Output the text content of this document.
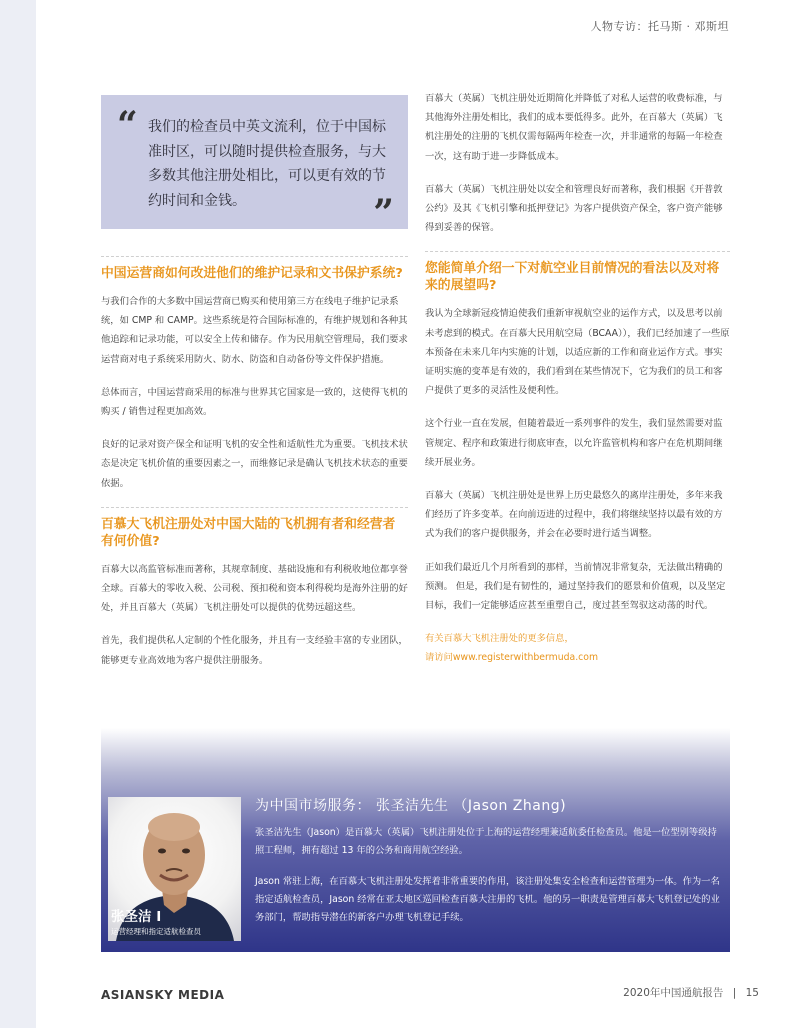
人物专访：托马斯 · 邓斯坦
“ 我们的检查员中英文流利，位于中国标准时区，可以随时提供检查服务，与大多数其他注册处相比，可以更有效的节约时间和金钱。	”
中国运营商如何改进他们的维护记录和文书保护系统?

与我们合作的大多数中国运营商已购买和使用第三方在线电子维护记录系统，如 CMP 和 CAMP。这些系统是符合国际标准的，有维护规划和各种其他追踪和记录功能，可以安全上传和储存。作为民用航空管理局，我们要求运营商对电子系统采用防火、防水、防盗和自动备份等文件保护措施。

总体而言，中国运营商采用的标准与世界其它国家是一致的，这使得飞机的购买 / 销售过程更加高效。

良好的记录对资产保全和证明飞机的安全性和适航性尤为重要。飞机技术状态是决定飞机价值的重要因素之一，而维修记录是确认飞机技术状态的重要依据。

百慕大飞机注册处对中国大陆的飞机拥有者和经营者有何价值?

百慕大以高监管标准而著称，其规章制度、基础设施和有利税收地位都享誉全球。百慕大的零收入税、公司税、预扣税和资本利得税均是海外注册的好处，并且百慕大（英属）飞机注册处可以提供的优势远超这些。

首先，我们提供私人定制的个性化服务，并且有一支经验丰富的专业团队，能够更专业高效地为客户提供注册服务。

百慕大（英属）飞机注册处近期简化并降低了对私人运营的收费标准，与其他海外注册处相比，我们的成本要低得多。此外，在百慕大（英属）飞机注册处的注册的飞机仅需每隔两年检查一次，并非通常的每隔一年检查一次，这有助于进一步降低成本。

百慕大（英属）飞机注册处以安全和管理良好而著称，我们根据《开普敦公约》及其《飞机引擎和抵押登记》为客户提供资产保全，客户资产能够得到妥善的保管。

您能简单介绍一下对航空业目前情况的看法以及对将来的展望吗?

我认为全球新冠疫情迫使我们重新审视航空业的运作方式，以及思考以前未考虑到的模式。在百慕大民用航空局（BCAA）），我们已经加速了一些原本预备在未来几年内实施的计划，以适应新的工作和商业运作方式。事实证明实施的变革是有效的，我们看到在某些情况下，它为我们的员工和客户提供了更多的灵活性及便利性。

这个行业一直在发展，但随着最近一系列事件的发生，我们显然需要对监管规定、程序和政策进行彻底审查，以允许监管机构和客户在危机期间继续开展业务。

百慕大（英属）飞机注册处是世界上历史最悠久的离岸注册处，多年来我们经历了许多变革。在向前迈进的过程中，我们将继续坚持以最有效的方式为我们的客户提供服务，并会在必要时进行适当调整。

正如我们最近几个月所看到的那样，当前情况非常复杂，无法做出精确的预测。 但是，我们是有韧性的，通过坚持我们的愿景和价值观，以及坚定目标，我们一定能够适应甚至重塑自己，度过甚至驾驭这动荡的时代。

有关百慕大飞机注册处的更多信息，
请访问www.registerwithbermuda.com
张圣洁 I
运营经理和指定适航检查员
为中国市场服务： 张圣洁先生 （Jason Zhang)

张圣洁先生（Jason）是百慕大（英属）飞机注册处位于上海的运营经理兼适航委任检查员。他是一位型别等级持照工程师，拥有超过 13 年的公务和商用航空经验。

Jason 常驻上海，在百慕大飞机注册处发挥着非常重要的作用，该注册处集安全检查和运营管理为一体。作为一名指定适航检查员，Jason 经常在亚太地区巡回检查百慕大注册的飞机。他的另一职责是管理百慕大飞机登记处的业务部门，帮助指导潜在的新客户办理飞机登记手续。

ASIANSKY MEDIA	2020年中国通航报告 | 15
